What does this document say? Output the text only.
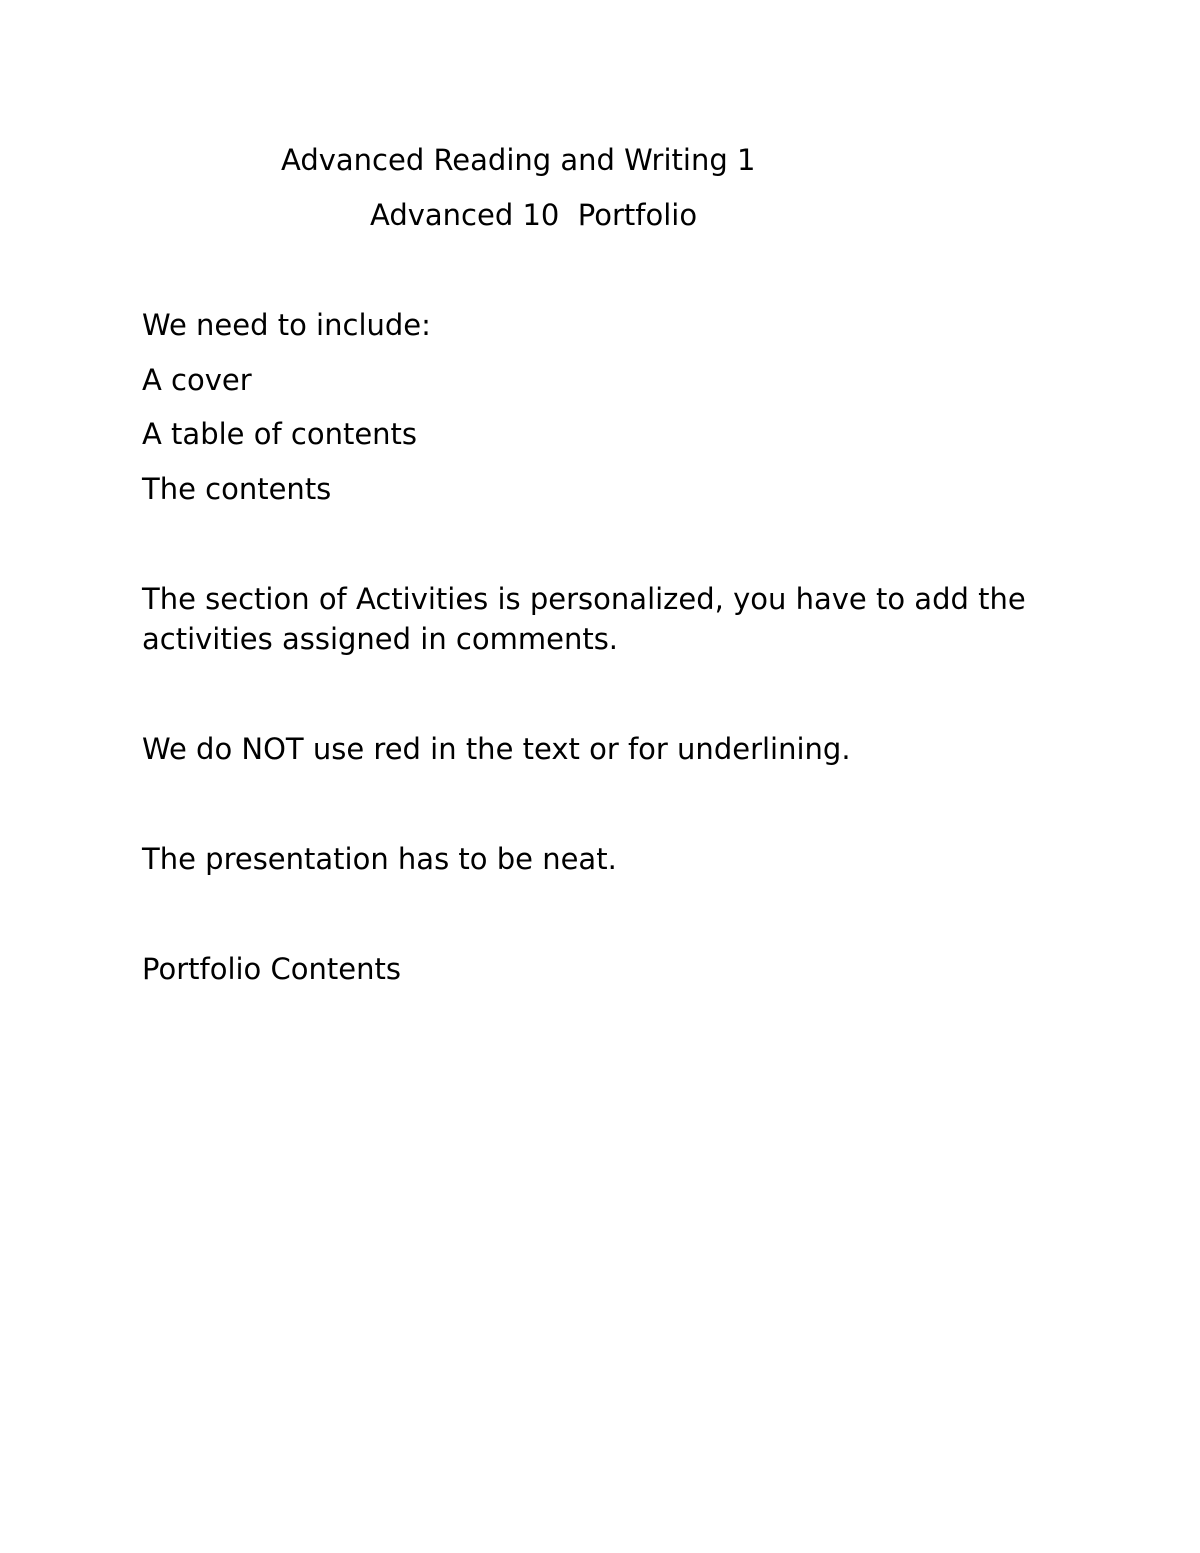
Advanced Reading and Writing 1

Advanced 10  Portfolio

We need to include:

A cover

A table of contents

The contents

The section of Activities is personalized, you have to add the activities assigned in comments.

We do NOT use red in the text or for underlining.

The presentation has to be neat.

Portfolio Contents
